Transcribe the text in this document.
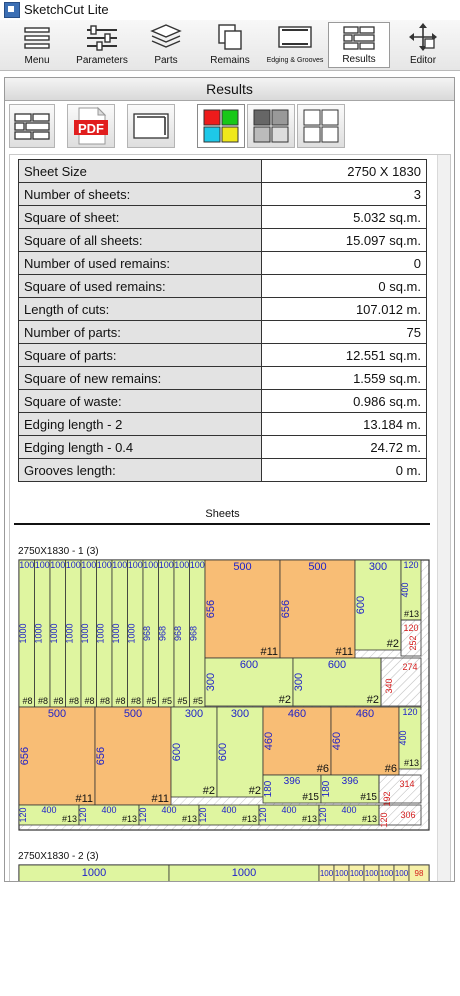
SketchCut Lite
Menu	Parameters	Parts	Remains	Edging & Grooves	Results	Editor
Results
PDF
Sheet Size	2750 X 1830
Number of sheets:	3
Square of sheet:	5.032 sq.m.
Square of all sheets:	15.097 sq.m.
Number of used remains:	0
Square of used remains:	0 sq.m.
Length of cuts:	107.012 m.
Number of parts:	75
Square of parts:	12.551 sq.m.
Square of new remains:	1.559 sq.m.
Square of waste:	0.986 sq.m.
Edging length - 2	13.184 m.
Edging length - 0.4	24.72 m.
Grooves length:	0 m.
Sheets
2750X1830 - 1 (3)
100
1000
#8
100
1000
#8
100
1000
#8
100
1000
#8
100
1000
#8
100
1000
#8
100
1000
#8
100
1000
#8
100
968
#5
100
968
#5
100
968
#5
100
968
#5
500
656
#11
500
656
#11
300
600
#2
120
400
#13
120
252
600
300
#2
600
300
#2
274
340
500
656
#11
500
656
#11
300
600
#2
300
600
#2
460
460
#6
460
460
#6
120
400
#13
396
180
#15
396
180
#15
314
400
120	#13
400
120	#13
400
120	#13
400
120	#13
400
120	#13
400
120	#13 120 306
192
2750X1830 - 2 (3)
1000	1000	100 100 100 100 100 100 98
